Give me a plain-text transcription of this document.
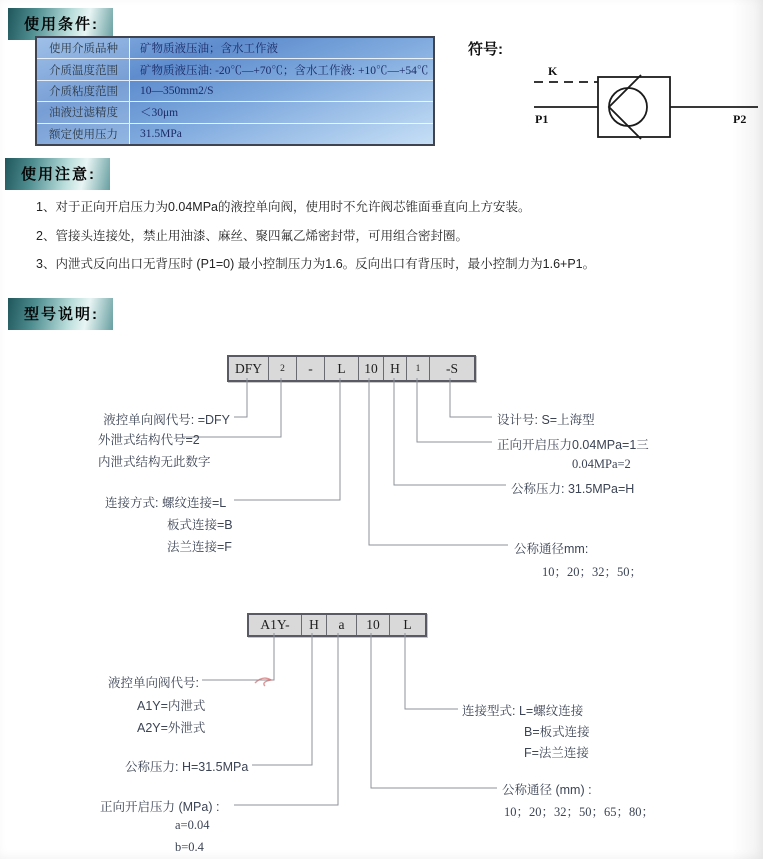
使用条件:
使用介质品种	矿物质液压油；含水工作液
介质温度范围	矿物质液压油: -20℃—+70℃；含水工作液: +10℃—+54℃
介质粘度范围	10—350mm2/S
油液过滤精度	＜30μm
额定使用压力	31.5MPa
符号:
K
P1	P2
使用注意:
1、对于正向开启压力为0.04MPa的液控单向阀，使用时不允许阀芯锥面垂直向上方安装。
2、管接头连接处，禁止用油漆、麻丝、聚四氟乙烯密封带，可用组合密封圈。
3、内泄式反向出口无背压时 (P1=0) 最小控制压力为1.6。反向出口有背压时，最小控制力为1.6+P1。
型号说明:
DFY	2	-	L	10 H	1	-S
液控单向阀代号: =DFY
外泄式结构代号=2
内泄式结构无此数字
连接方式: 螺纹连接=L
板式连接=B
法兰连接=F
设计号: S=上海型
正向开启压力0.04MPa=1三
0.04MPa=2
公称压力: 31.5MPa=H
公称通径mm:
10；20；32；50；
A1Y-	H	a	10	L
液控单向阀代号:
A1Y=内泄式
A2Y=外泄式
公称压力: H=31.5MPa
正向开启压力 (MPa) :
a=0.04
b=0.4
连接型式: L=螺纹连接
B=板式连接
F=法兰连接
公称通径 (mm) :
10；20；32；50；65；80；
